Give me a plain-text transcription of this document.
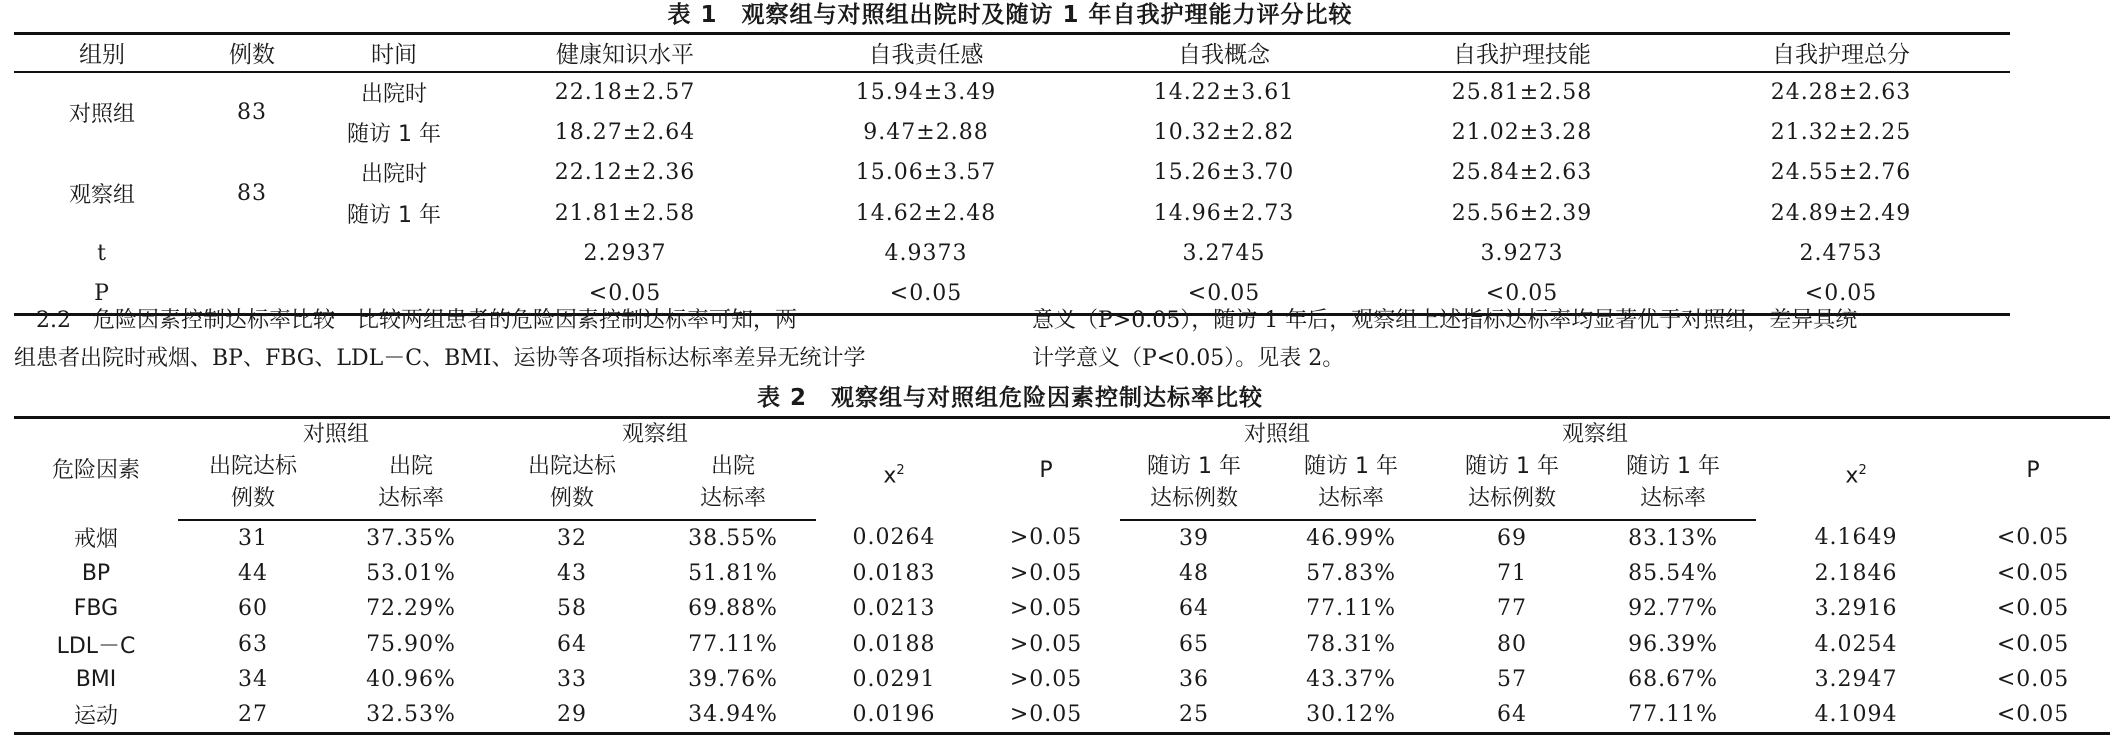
表 1　观察组与对照组出院时及随访 1 年自我护理能力评分比较
组别	例数	时间	健康知识水平	自我责任感	自我概念	自我护理技能	自我护理总分
对照组	83	出院时	22.18±2.57	15.94±3.49	14.22±3.61	25.81±2.58	24.28±2.63
		随访 1 年	18.27±2.64	9.47±2.88	10.32±2.82	21.02±3.28	21.32±2.25
观察组	83	出院时	22.12±2.36	15.06±3.57	15.26±3.70	25.84±2.63	24.55±2.76
		随访 1 年	21.81±2.58	14.62±2.48	14.96±2.73	25.56±2.39	24.89±2.49
t			2.2937	4.9373	3.2745	3.9273	2.4753
P			<0.05	<0.05	<0.05	<0.05	<0.05
　2.2　危险因素控制达标率比较　比较两组患者的危险因素控制达标率可知，两
组患者出院时戒烟、BP、FBG、LDL－C、BMI、运协等各项指标达标率差异无统计学
意义（P>0.05），随访 1 年后，观察组上述指标达标率均显著优于对照组，差异具统
计学意义（P<0.05）。见表 2。
表 2　观察组与对照组危险因素控制达标率比较
危险因素	对照组		观察组		$x^2$	P	对照组		观察组		$x^2$	P
	出院达标	出院	出院达标	出院			随访 1 年	随访 1 年	随访 1 年	随访 1 年		
	例数	达标率	例数	达标率			达标例数	达标率	达标例数	达标率		
戒烟	31	37.35%	32	38.55%	0.0264	>0.05	39	46.99%	69	83.13%	4.1649	<0.05
BP	44	53.01%	43	51.81%	0.0183	>0.05	48	57.83%	71	85.54%	2.1846	<0.05
FBG	60	72.29%	58	69.88%	0.0213	>0.05	64	77.11%	77	92.77%	3.2916	<0.05
LDL－C	63	75.90%	64	77.11%	0.0188	>0.05	65	78.31%	80	96.39%	4.0254	<0.05
BMI	34	40.96%	33	39.76%	0.0291	>0.05	36	43.37%	57	68.67%	3.2947	<0.05
运动	27	32.53%	29	34.94%	0.0196	>0.05	25	30.12%	64	77.11%	4.1094	<0.05
